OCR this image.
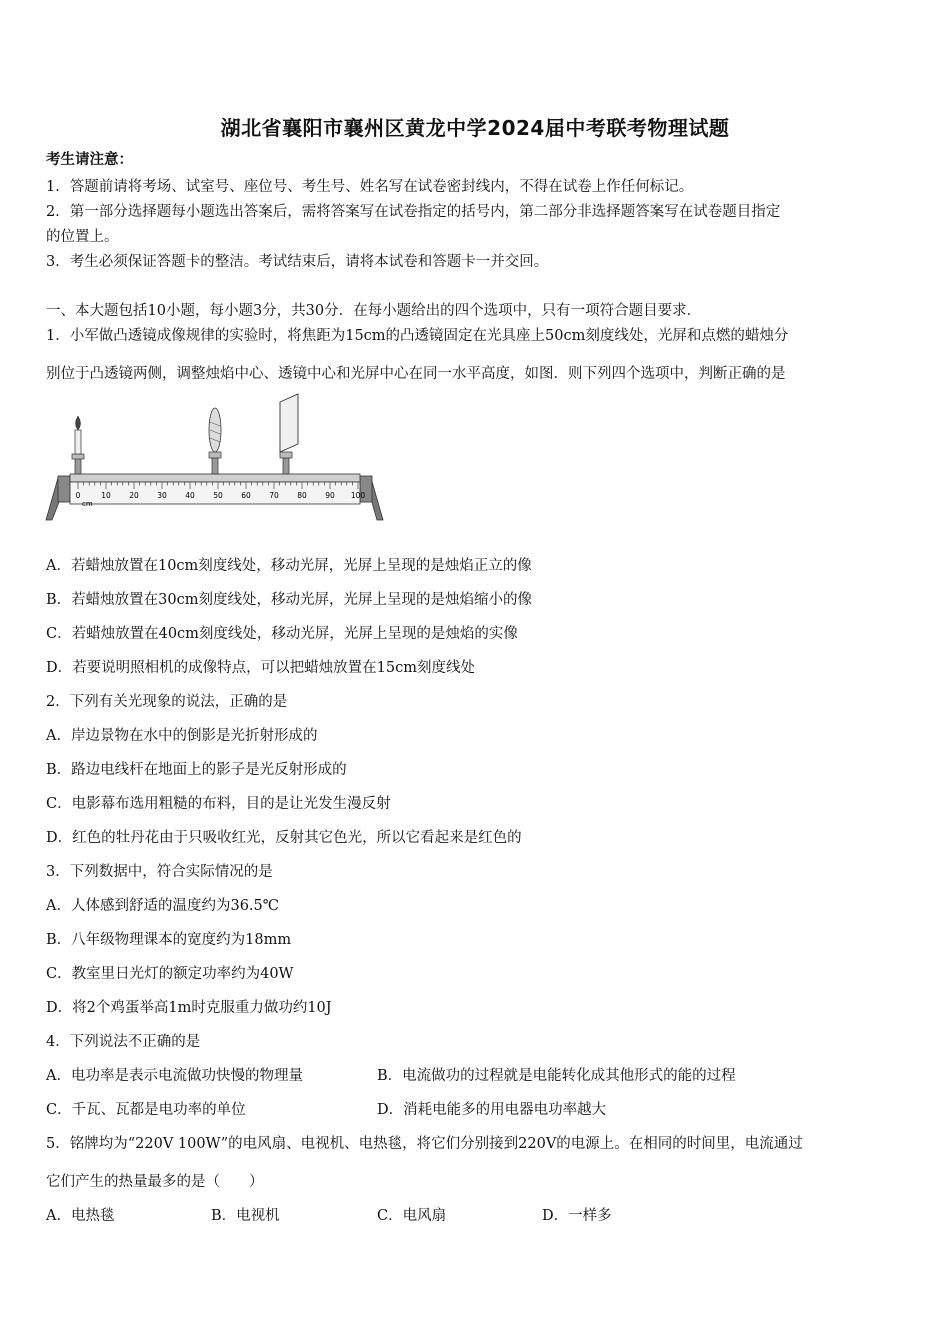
湖北省襄阳市襄州区黄龙中学2024届中考联考物理试题
考生请注意：
1．答题前请将考场、试室号、座位号、考生号、姓名写在试卷密封线内，不得在试卷上作任何标记。
2．第一部分选择题每小题选出答案后，需将答案写在试卷指定的括号内，第二部分非选择题答案写在试卷题目指定
的位置上。
3．考生必须保证答题卡的整洁。考试结束后，请将本试卷和答题卡一并交回。
一、本大题包括10小题，每小题3分，共30分．在每小题给出的四个选项中，只有一项符合题目要求．
1．小军做凸透镜成像规律的实验时，将焦距为15cm的凸透镜固定在光具座上50cm刻度线处，光屏和点燃的蜡烛分
别位于凸透镜两侧，调整烛焰中心、透镜中心和光屏中心在同一水平高度，如图．则下列四个选项中，判断正确的是
0	10 20 30 40 50 60 70 80 90 100
cm
A．若蜡烛放置在10cm刻度线处，移动光屏，光屏上呈现的是烛焰正立的像
B．若蜡烛放置在30cm刻度线处，移动光屏，光屏上呈现的是烛焰缩小的像
C．若蜡烛放置在40cm刻度线处，移动光屏，光屏上呈现的是烛焰的实像
D．若要说明照相机的成像特点，可以把蜡烛放置在15cm刻度线处
2．下列有关光现象的说法，正确的是
A．岸边景物在水中的倒影是光折射形成的
B．路边电线杆在地面上的影子是光反射形成的
C．电影幕布选用粗糙的布料，目的是让光发生漫反射
D．红色的牡丹花由于只吸收红光，反射其它色光，所以它看起来是红色的
3．下列数据中，符合实际情况的是
A．人体感到舒适的温度约为36.5℃
B．八年级物理课本的宽度约为18mm
C．教室里日光灯的额定功率约为40W
D．将2个鸡蛋举高1m时克服重力做功约10J
4．下列说法不正确的是
A．电功率是表示电流做功快慢的物理量	B．电流做功的过程就是电能转化成其他形式的能的过程
C．千瓦、瓦都是电功率的单位	D．消耗电能多的用电器电功率越大
5．铭牌均为“220V 100W”的电风扇、电视机、电热毯，将它们分别接到220V的电源上。在相同的时间里，电流通过
它们产生的热量最多的是（　　）
A．电热毯	B．电视机	C．电风扇	D．一样多
